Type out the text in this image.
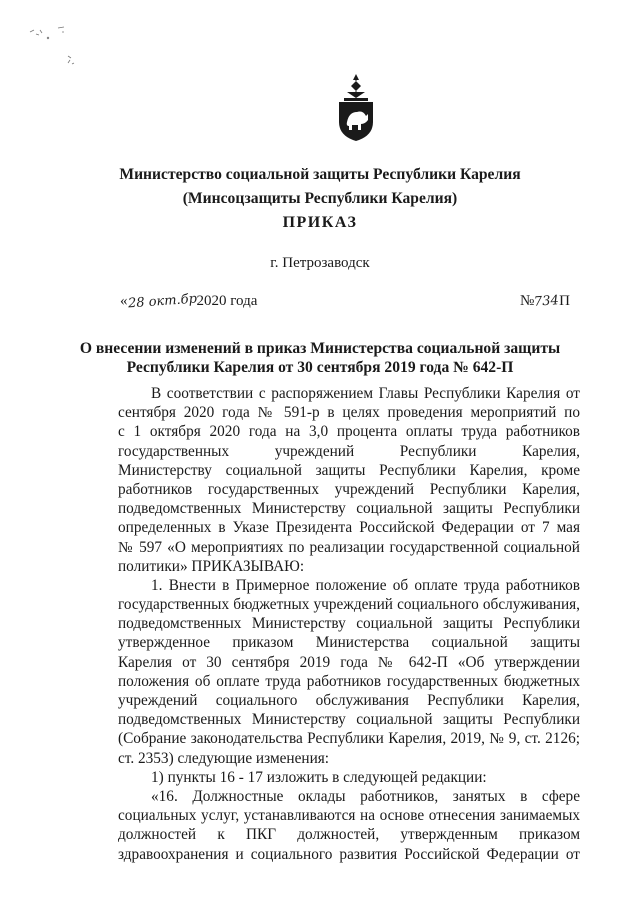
Министерство социальной защиты Республики Карелия
(Минсоцзащиты Республики Карелия)
ПРИКАЗ
г. Петрозаводск
«28 окт.бр2020 года	№734П
О внесении изменений в приказ Министерства социальной защиты
Республики Карелия от 30 сентября 2019 года № 642-П
В соответствии с распоряжением Главы Республики Карелия от
сентября 2020 года № 591-р в целях проведения мероприятий по
с 1 октября 2020 года на 3,0 процента оплаты труда работников
государственных учреждений Республики Карелия,
Министерству социальной защиты Республики Карелия, кроме
работников государственных учреждений Республики Карелия,
подведомственных Министерству социальной защиты Республики
определенных в Указе Президента Российской Федерации от 7 мая
№ 597 «О мероприятиях по реализации государственной социальной
политики» ПРИКАЗЫВАЮ:
1. Внести в Примерное положение об оплате труда работников
государственных бюджетных учреждений социального обслуживания,
подведомственных Министерству социальной защиты Республики
утвержденное приказом Министерства социальной защиты
Карелия от 30 сентября 2019 года № 642-П «Об утверждении
положения об оплате труда работников государственных бюджетных
учреждений социального обслуживания Республики Карелия,
подведомственных Министерству социальной защиты Республики
(Собрание законодательства Республики Карелия, 2019, № 9, ст. 2126;
ст. 2353) следующие изменения:
1) пункты 16 - 17 изложить в следующей редакции:
«16. Должностные оклады работников, занятых в сфере
социальных услуг, устанавливаются на основе отнесения занимаемых
должностей к ПКГ должностей, утвержденным приказом
здравоохранения и социального развития Российской Федерации от
